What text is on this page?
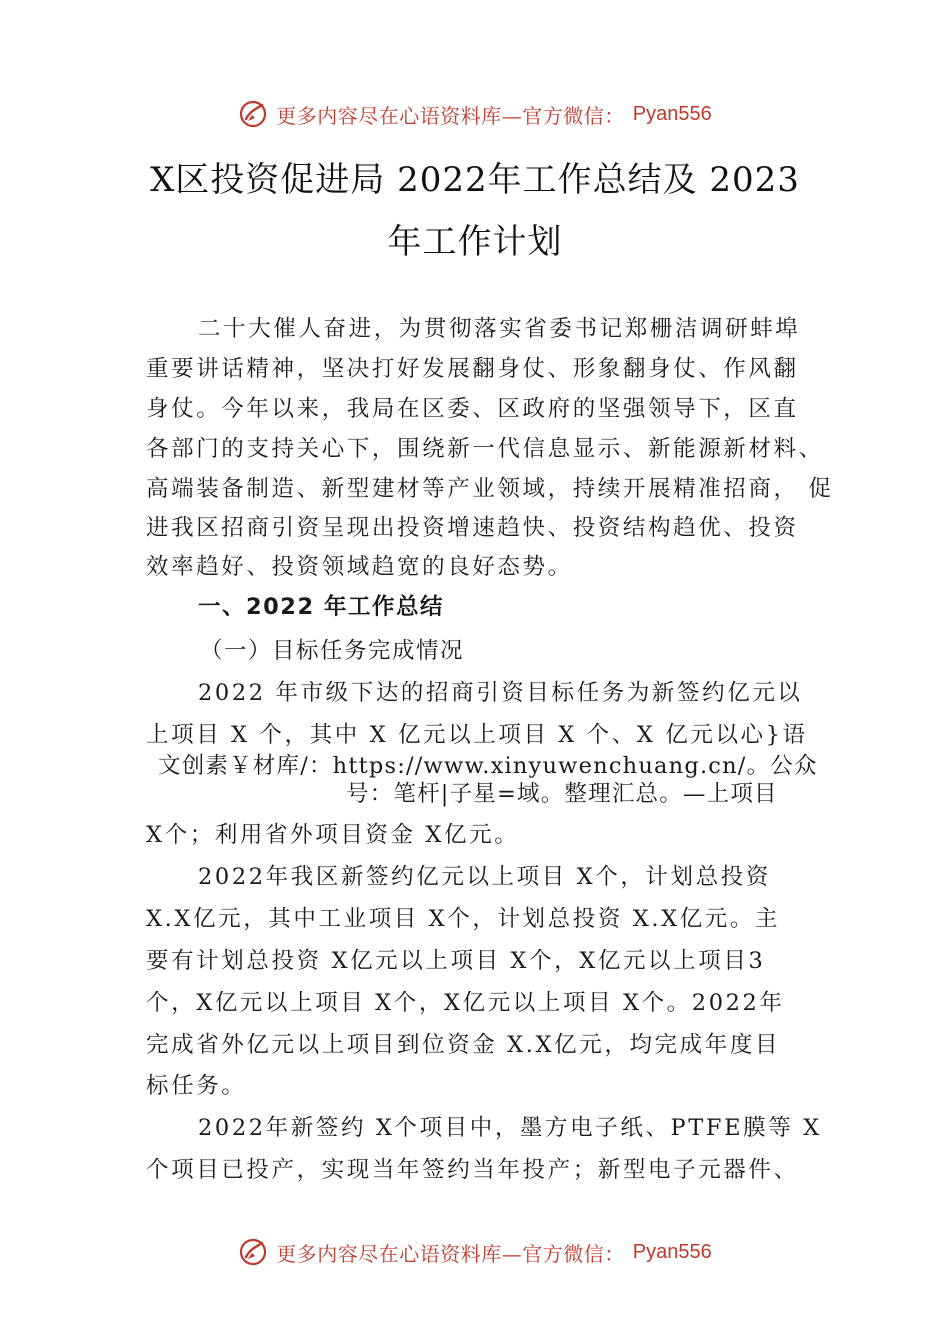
更多内容尽在心语资料库—官方微信： Pyan556
X区投资促进局 2022年工作总结及 2023
年工作计划
二十大催人奋进，为贯彻落实省委书记郑栅洁调研蚌埠
重要讲话精神，坚决打好发展翻身仗、形象翻身仗、作风翻
身仗。今年以来，我局在区委、区政府的坚强领导下，区直
各部门的支持关心下，围绕新一代信息显示、新能源新材料、
高端装备制造、新型建材等产业领域，持续开展精准招商， 促
进我区招商引资呈现出投资增速趋快、投资结构趋优、投资
效率趋好、投资领域趋宽的良好态势。
一、2022 年工作总结
（一）目标任务完成情况
2022 年市级下达的招商引资目标任务为新签约亿元以
上项目 X 个，其中 X 亿元以上项目 X 个、X 亿元以心}语
文创素￥材库/：https://www.xinyuwenchuang.cn/。公众
号：笔杆|子星=域。整理汇总。—上项目
X个；利用省外项目资金 X亿元。
2022年我区新签约亿元以上项目 X个，计划总投资
X.X亿元，其中工业项目 X个，计划总投资 X.X亿元。主
要有计划总投资 X亿元以上项目 X个，X亿元以上项目3
个，X亿元以上项目 X个，X亿元以上项目 X个。2022年
完成省外亿元以上项目到位资金 X.X亿元，均完成年度目
标任务。
2022年新签约 X个项目中，墨方电子纸、PTFE膜等 X
个项目已投产，实现当年签约当年投产；新型电子元器件、
更多内容尽在心语资料库—官方微信： Pyan556
